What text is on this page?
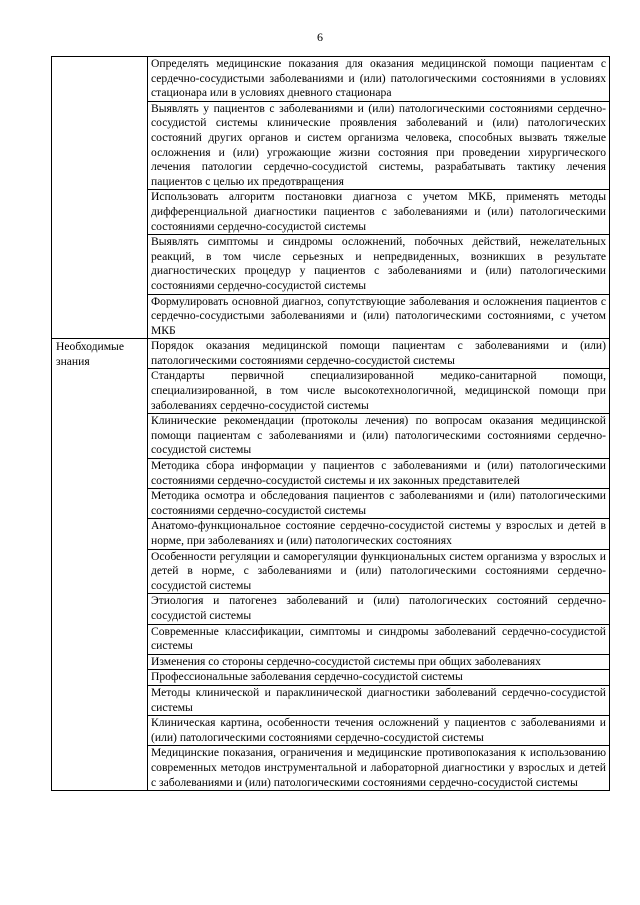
6
	Определять медицинские показания для оказания медицинской помощи пациентам с сердечно-сосудистыми заболеваниями и (или) патологическими состояниями в условиях стационара или в условиях дневного стационара
	Выявлять у пациентов с заболеваниями и (или) патологическими состояниями сердечно-сосудистой системы клинические проявления заболеваний и (или) патологических состояний других органов и систем организма человека, способных вызвать тяжелые осложнения и (или) угрожающие жизни состояния при проведении хирургического лечения патологии сердечно-сосудистой системы, разрабатывать тактику лечения пациентов с целью их предотвращения
	Использовать алгоритм постановки диагноза с учетом МКБ, применять методы дифференциальной диагностики пациентов с заболеваниями и (или) патологическими состояниями сердечно-сосудистой системы
	Выявлять симптомы и синдромы осложнений, побочных действий, нежелательных реакций, в том числе серьезных и непредвиденных, возникших в результате диагностических процедур у пациентов с заболеваниями и (или) патологическими состояниями сердечно-сосудистой системы
	Формулировать основной диагноз, сопутствующие заболевания и осложнения пациентов с сердечно-сосудистыми заболеваниями и (или) патологическими состояниями, с учетом МКБ
Необходимые знания	Порядок оказания медицинской помощи пациентам с заболеваниями и (или) патологическими состояниями сердечно-сосудистой системы
	Стандарты первичной специализированной медико-санитарной помощи, специализированной, в том числе высокотехнологичной, медицинской помощи при заболеваниях сердечно-сосудистой системы
	Клинические рекомендации (протоколы лечения) по вопросам оказания медицинской помощи пациентам с заболеваниями и (или) патологическими состояниями сердечно-сосудистой системы
	Методика сбора информации у пациентов с заболеваниями и (или) патологическими состояниями сердечно-сосудистой системы и их законных представителей
	Методика осмотра и обследования пациентов с заболеваниями и (или) патологическими состояниями сердечно-сосудистой системы
	Анатомо-функциональное состояние сердечно-сосудистой системы у взрослых и детей в норме, при заболеваниях и (или) патологических состояниях
	Особенности регуляции и саморегуляции функциональных систем организма у взрослых и детей в норме, с заболеваниями и (или) патологическими состояниями сердечно-сосудистой системы
	Этиология и патогенез заболеваний и (или) патологических состояний сердечно-сосудистой системы
	Современные классификации, симптомы и синдромы заболеваний сердечно-сосудистой системы
	Изменения со стороны сердечно-сосудистой системы при общих заболеваниях
	Профессиональные заболевания сердечно-сосудистой системы
	Методы клинической и параклинической диагностики заболеваний сердечно-сосудистой системы
	Клиническая картина, особенности течения осложнений у пациентов с заболеваниями и (или) патологическими состояниями сердечно-сосудистой системы
	Медицинские показания, ограничения и медицинские противопоказания к использованию современных методов инструментальной и лабораторной диагностики у взрослых и детей с заболеваниями и (или) патологическими состояниями сердечно-сосудистой системы
